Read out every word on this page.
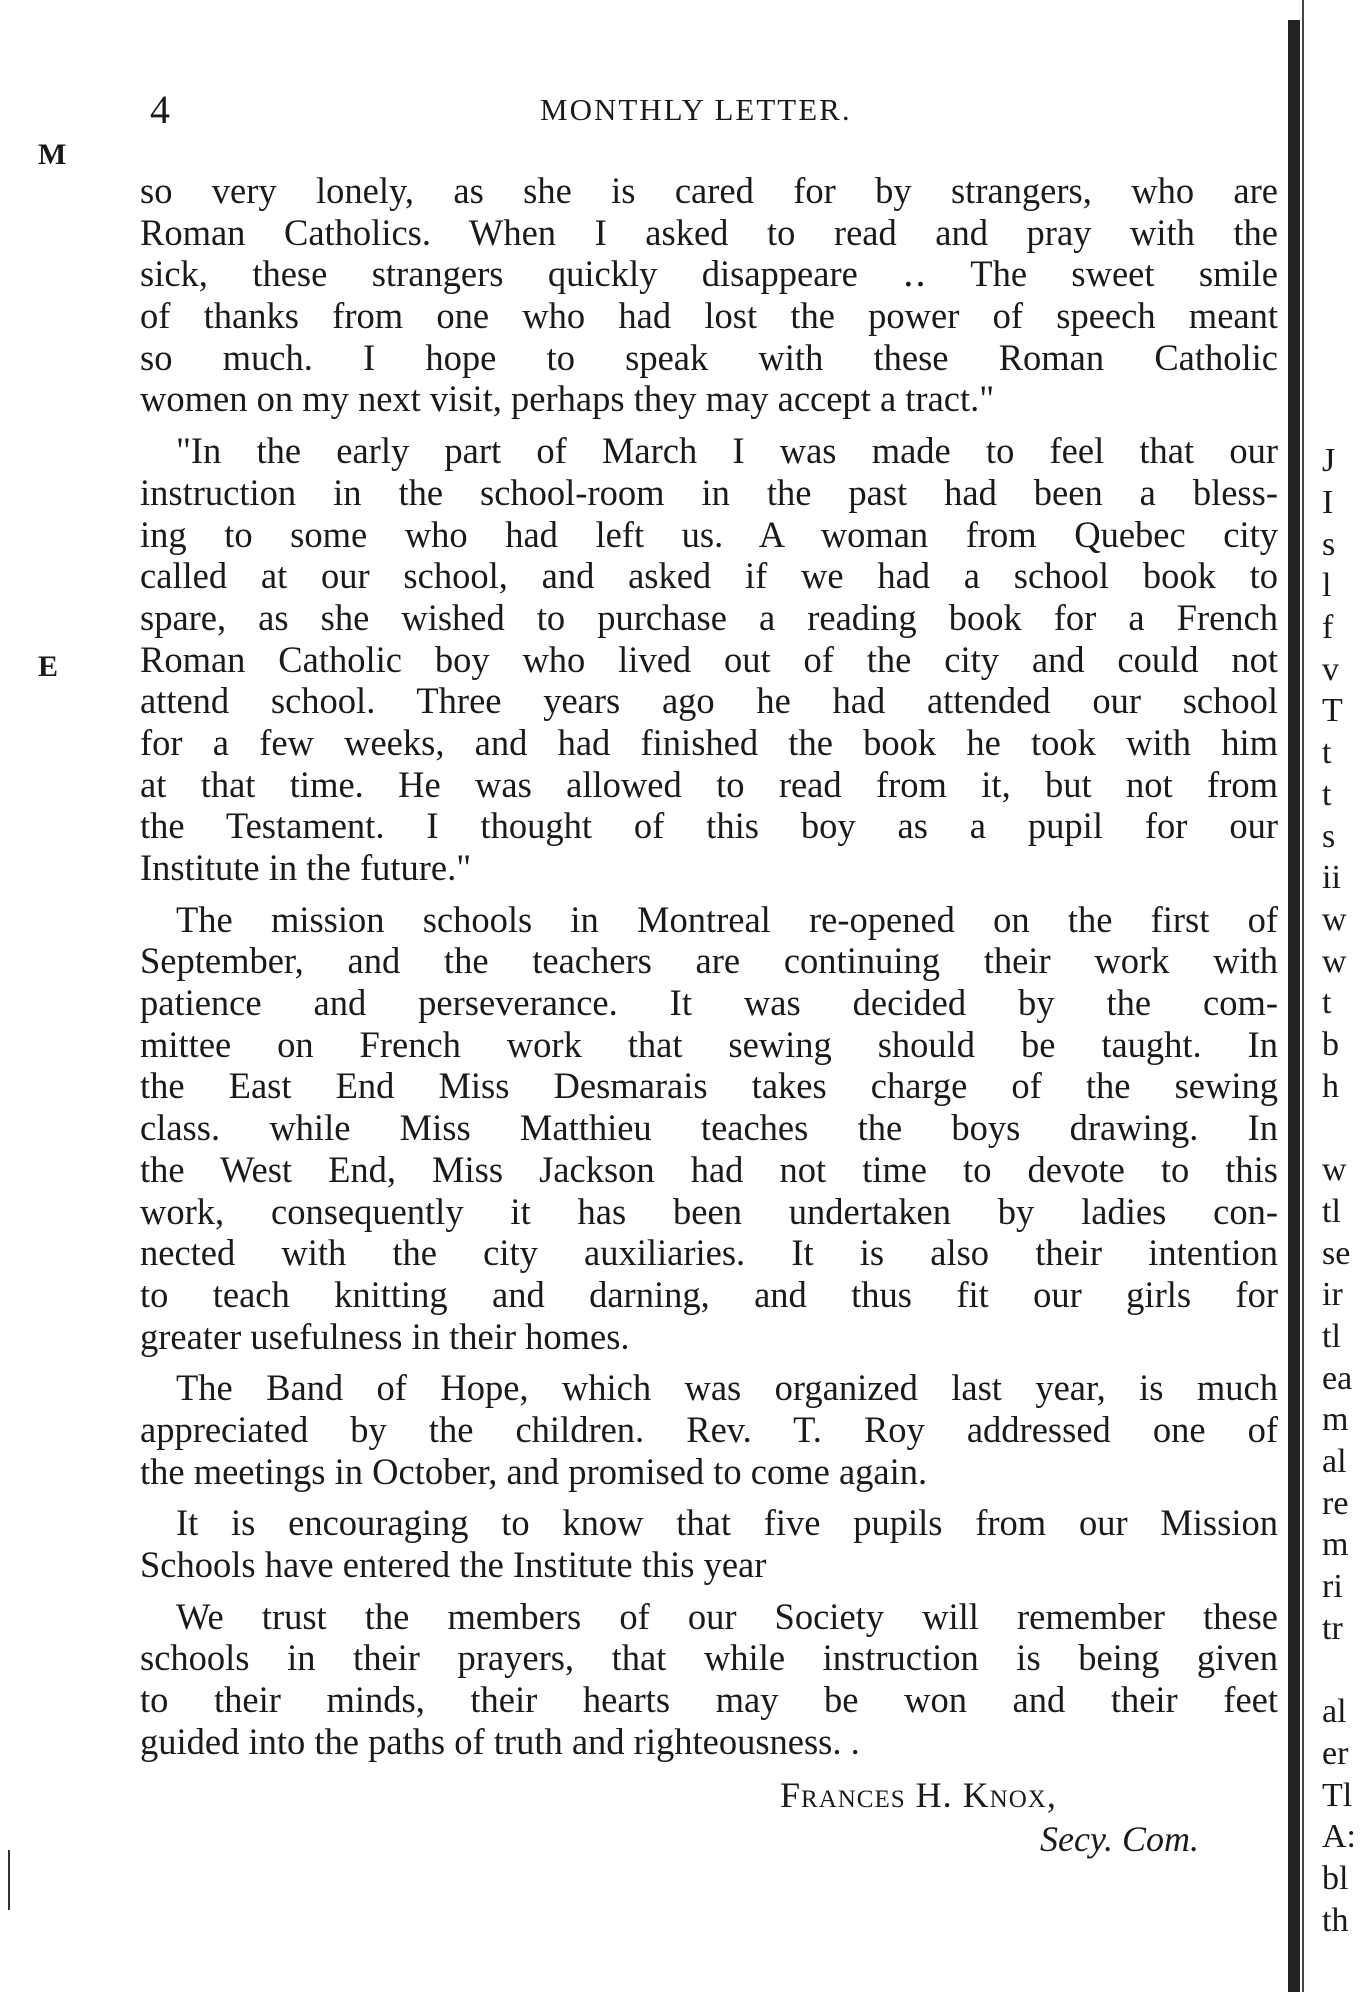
4	MONTHLY LETTER.
M
E
so very lonely, as she is cared for by strangers, who are
Roman Catholics. When I asked to read and pray with the
sick, these strangers quickly disappeare ‥ The sweet smile
of thanks from one who had lost the power of speech meant
so much. I hope to speak with these Roman Catholic
women on my next visit, perhaps they may accept a tract."
"In the early part of March I was made to feel that our
instruction in the school-room in the past had been a bless-
ing to some who had left us. A woman from Quebec city
called at our school, and asked if we had a school book to
spare, as she wished to purchase a reading book for a French
Roman Catholic boy who lived out of the city and could not
attend school. Three years ago he had attended our school
for a few weeks, and had finished the book he took with him
at that time. He was allowed to read from it, but not from
the Testament. I thought of this boy as a pupil for our
Institute in the future."
The mission schools in Montreal re-opened on the first of
September, and the teachers are continuing their work with
patience and perseverance. It was decided by the com-
mittee on French work that sewing should be taught. In
the East End Miss Desmarais takes charge of the sewing
class. while Miss Matthieu teaches the boys drawing. In
the West End, Miss Jackson had not time to devote to this
work, consequently it has been undertaken by ladies con-
nected with the city auxiliaries. It is also their intention
to teach knitting and darning, and thus fit our girls for
greater usefulness in their homes.
The Band of Hope, which was organized last year, is much
appreciated by the children. Rev. T. Roy addressed one of
the meetings in October, and promised to come again.
It is encouraging to know that five pupils from our Mission
Schools have entered the Institute this year
We trust the members of our Society will remember these
schools in their prayers, that while instruction is being given
to their minds, their hearts may be won and their feet
guided into the paths of truth and righteousness. .
Frances H. Knox,
Secy. Com.
J
I
s
l
f
v
T
t
t
s
ii
w
w
t
b
h
w
tl
se
ir
tl
ea
m
al
re
m
ri
tr
al
er
Tl
A:
bl
th
